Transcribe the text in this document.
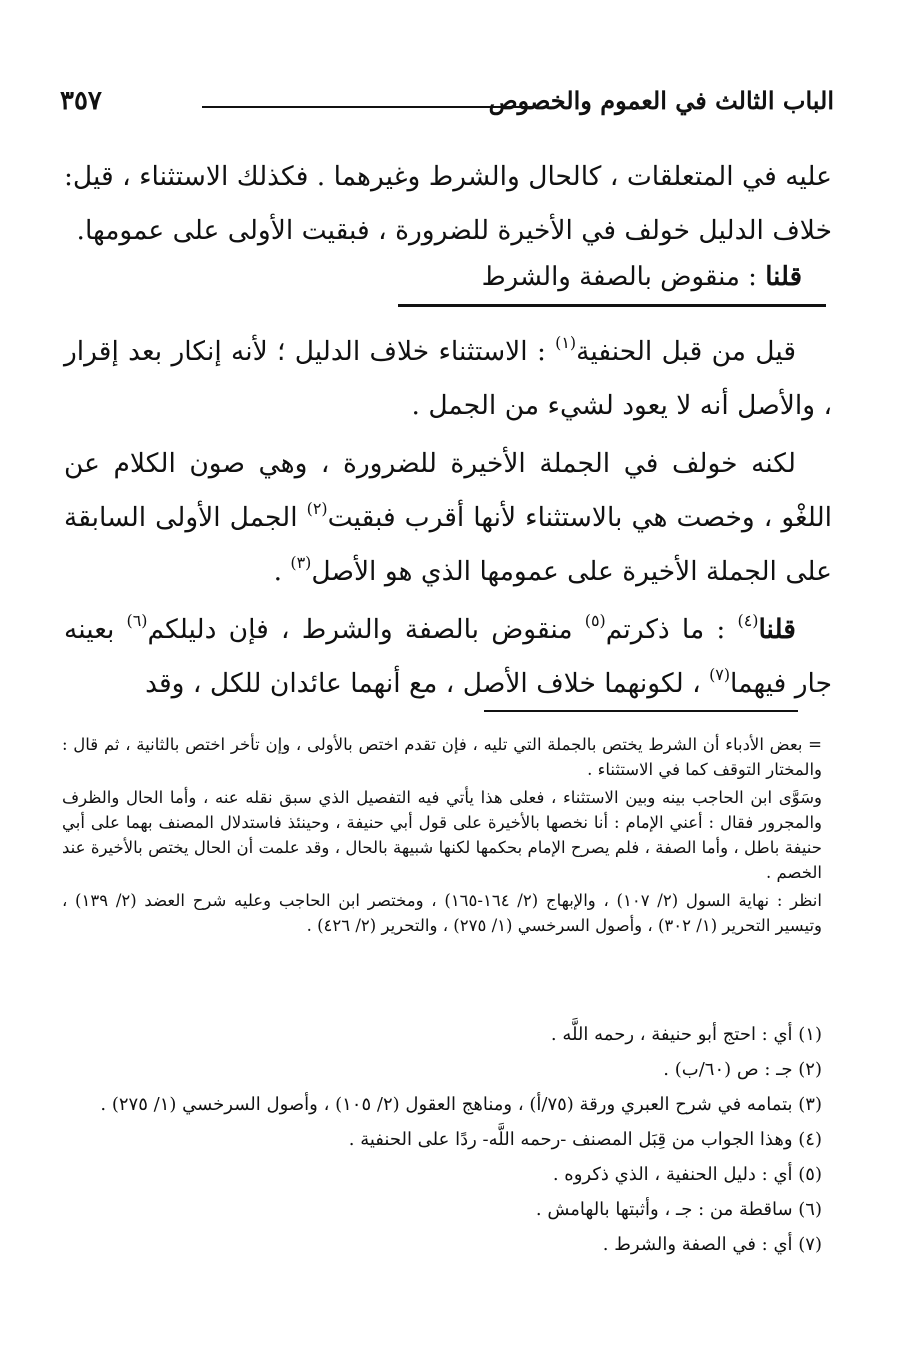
الباب الثالث في العموم والخصوص
٣٥٧

عليه في المتعلقات ، كالحال والشرط وغيرهما . فكذلك الاستثناء ، قيل: خلاف الدليل خولف في الأخيرة للضرورة ، فبقيت الأولى على عمومها.

قلنا : منقوض بالصفة والشرط

قيل من قبل الحنفية$^{(١)}$ : الاستثناء خلاف الدليل ؛ لأنه إنكار بعد إقرار ، والأصل أنه لا يعود لشيء من الجمل .

لكنه خولف في الجملة الأخيرة للضرورة ، وهي صون الكلام عن اللغْو ، وخصت هي بالاستثناء لأنها أقرب فبقيت$^{(٢)}$ الجمل الأولى السابقة على الجملة الأخيرة على عمومها الذي هو الأصل$^{(٣)}$ .

قلنا$^{(٤)}$ : ما ذكرتم$^{(٥)}$ منقوض بالصفة والشرط ، فإن دليلكم$^{(٦)}$ بعينه جار فيهما$^{(٧)}$ ، لكونهما خلاف الأصل ، مع أنهما عائدان للكل ، وقد

= بعض الأدباء أن الشرط يختص بالجملة التي تليه ، فإن تقدم اختص بالأولى ، وإن تأخر اختص بالثانية ، ثم قال : والمختار التوقف كما في الاستثناء .

وسَوَّى ابن الحاجب بينه وبين الاستثناء ، فعلى هذا يأتي فيه التفصيل الذي سبق نقله عنه ، وأما الحال والظرف والمجرور فقال : أعني الإمام : أنا نخصها بالأخيرة على قول أبي حنيفة ، وحينئذ فاستدلال المصنف بهما على أبي حنيفة باطل ، وأما الصفة ، فلم يصرح الإمام بحكمها لكنها شبيهة بالحال ، وقد علمت أن الحال يختص بالأخيرة عند الخصم .

انظر : نهاية السول (٢/ ١٠٧) ، والإبهاج (٢/ ١٦٤-١٦٥) ، ومختصر ابن الحاجب وعليه شرح العضد (٢/ ١٣٩) ، وتيسير التحرير (١/ ٣٠٢) ، وأصول السرخسي (١/ ٢٧٥) ، والتحرير (٢/ ٤٢٦) .

(١) أي : احتج أبو حنيفة ، رحمه اللَّه .

(٢) جـ : ص (٦٠/ب) .

(٣) بتمامه في شرح العبري ورقة (٧٥/أ) ، ومناهج العقول (٢/ ١٠٥) ، وأصول السرخسي (١/ ٢٧٥) .

(٤) وهذا الجواب من قِبَل المصنف -رحمه اللَّه- ردًا على الحنفية .

(٥) أي : دليل الحنفية ، الذي ذكروه .

(٦) ساقطة من : جـ ، وأثبتها بالهامش .

(٧) أي : في الصفة والشرط .
